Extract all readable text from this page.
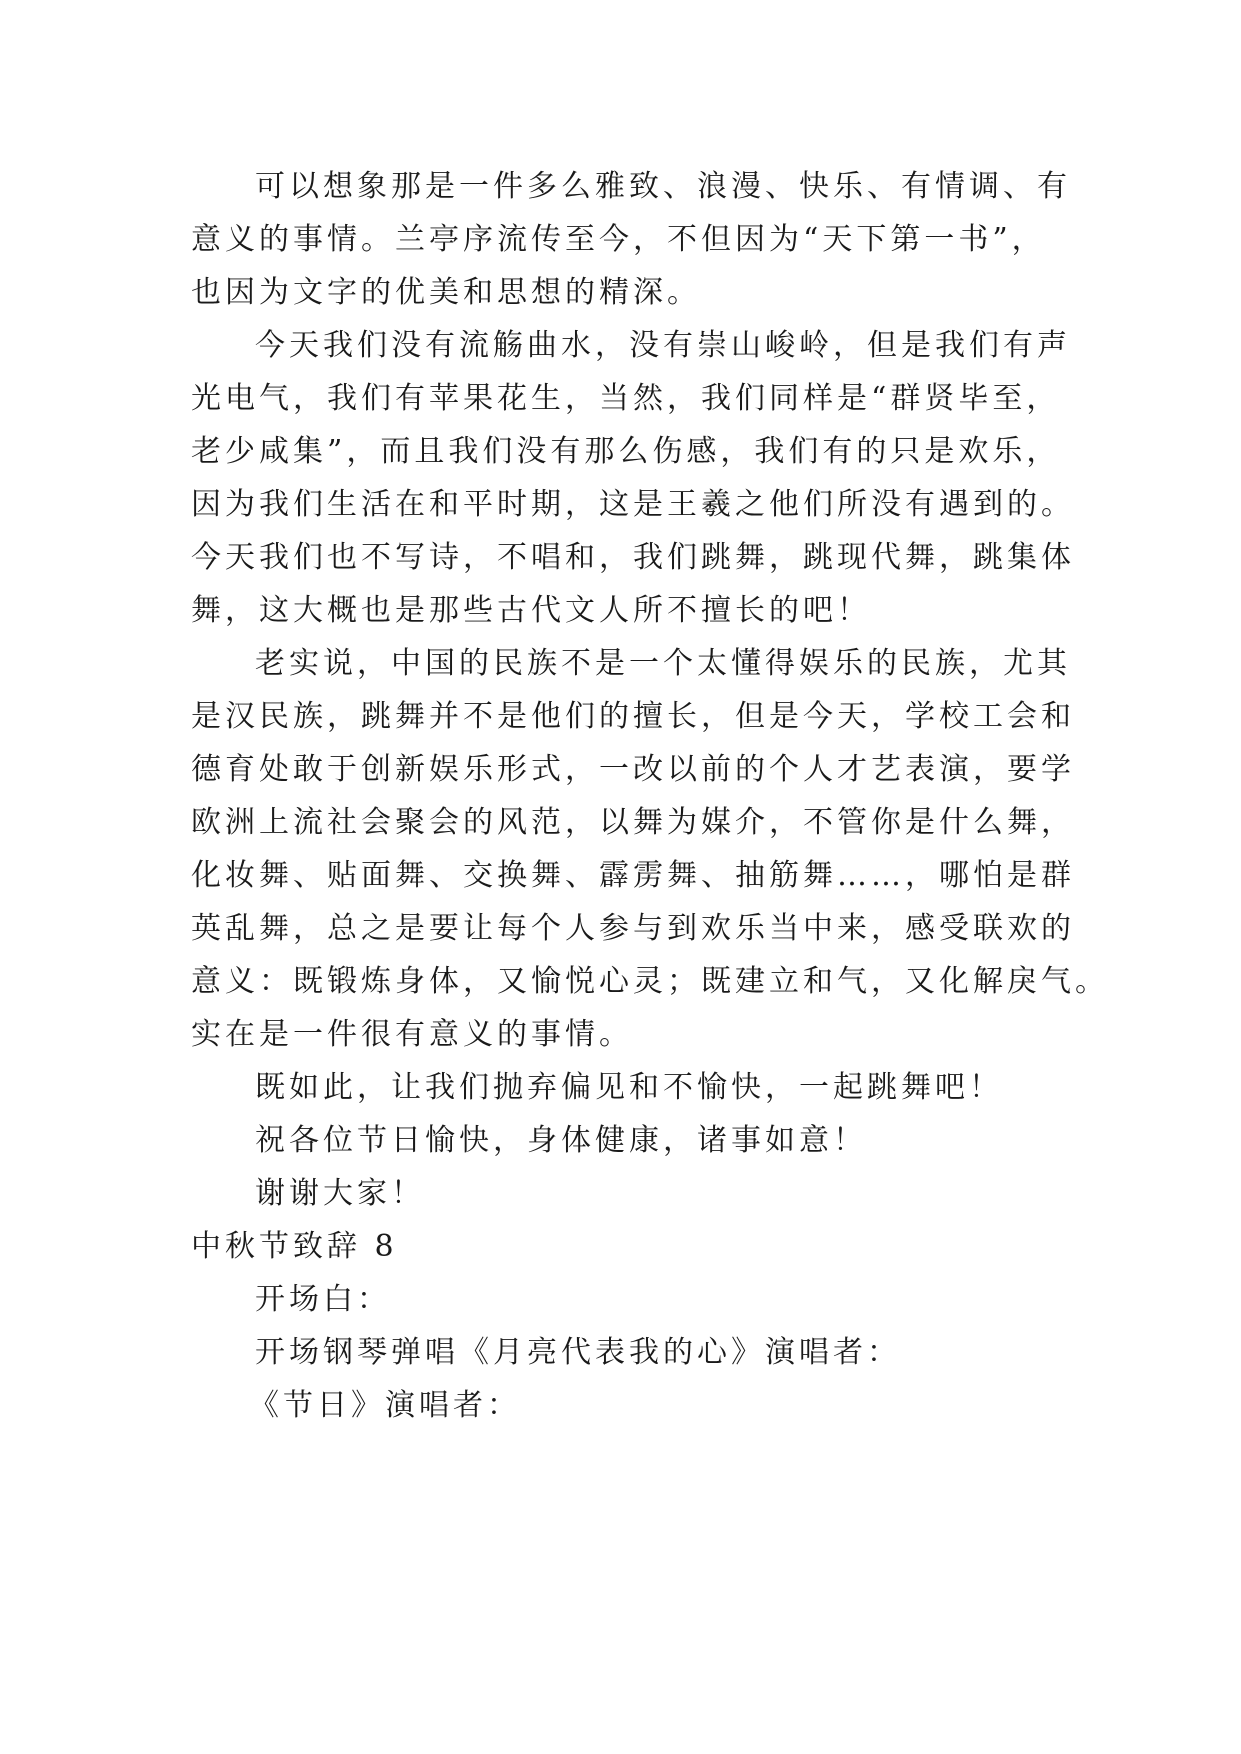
可以想象那是一件多么雅致、浪漫、快乐、有情调、有
意义的事情。兰亭序流传至今，不但因为“天下第一书”，
也因为文字的优美和思想的精深。
今天我们没有流觞曲水，没有崇山峻岭，但是我们有声
光电气，我们有苹果花生，当然，我们同样是“群贤毕至，
老少咸集”，而且我们没有那么伤感，我们有的只是欢乐，
因为我们生活在和平时期，这是王羲之他们所没有遇到的。
今天我们也不写诗，不唱和，我们跳舞，跳现代舞，跳集体
舞，这大概也是那些古代文人所不擅长的吧！
老实说，中国的民族不是一个太懂得娱乐的民族，尤其
是汉民族，跳舞并不是他们的擅长，但是今天，学校工会和
德育处敢于创新娱乐形式，一改以前的个人才艺表演，要学
欧洲上流社会聚会的风范，以舞为媒介，不管你是什么舞，
化妆舞、贴面舞、交换舞、霹雳舞、抽筋舞……，哪怕是群
英乱舞，总之是要让每个人参与到欢乐当中来，感受联欢的
意义：既锻炼身体，又愉悦心灵；既建立和气，又化解戾气。
实在是一件很有意义的事情。
既如此，让我们抛弃偏见和不愉快，一起跳舞吧！
祝各位节日愉快，身体健康，诸事如意！
谢谢大家！
中秋节致辞 8
开场白：
开场钢琴弹唱《月亮代表我的心》演唱者：
《节日》演唱者：
